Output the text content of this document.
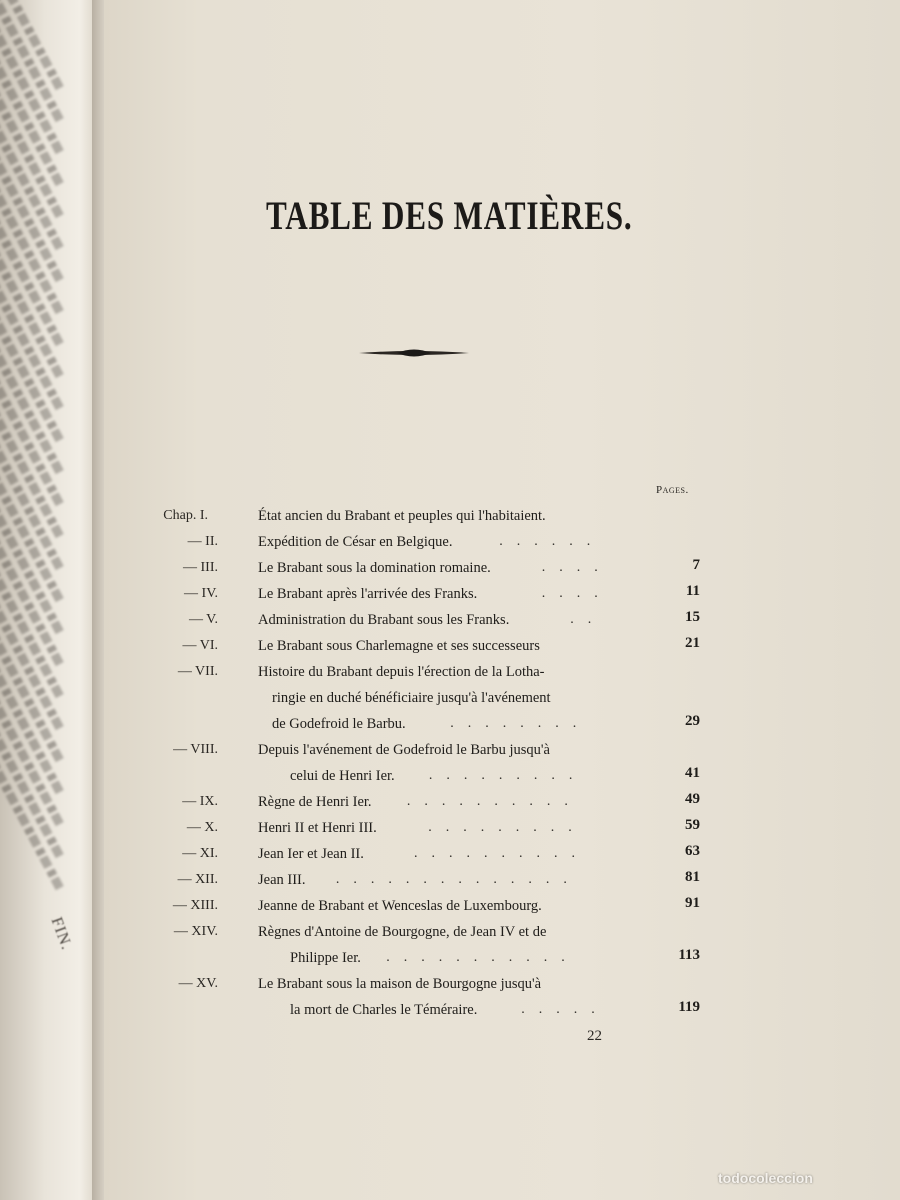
FIN.
TABLE DES MATIÈRES.
Pages.
Chap. I.	État ancien du Brabant et peuples qui l'habitaient.
— II.	Expédition de César en Belgique.	......
— III.	Le Brabant sous la domination romaine.	....	7
— IV.	Le Brabant après l'arrivée des Franks.	....	11
— V.	Administration du Brabant sous les Franks.	..	15
— VI.	Le Brabant sous Charlemagne et ses successeurs	21
— VII.	Histoire du Brabant depuis l'érection de la Lotha-
ringie en duché bénéficiaire jusqu'à l'avénement
de Godefroid le Barbu.	........	29
— VIII.	Depuis l'avénement de Godefroid le Barbu jusqu'à
celui de Henri Ier. .........	41
— IX.	Règne de Henri Ier.	..........	49
— X.	Henri II et Henri III.	.........	59
— XI.	Jean Ier et Jean II.	..........	63
— XII.	Jean III. ..............	81
— XIII.	Jeanne de Brabant et Wenceslas de Luxembourg.	91
— XIV.	Règnes d'Antoine de Bourgogne, de Jean IV et de
Philippe Ier. ...........	113
— XV.	Le Brabant sous la maison de Bourgogne jusqu'à
la mort de Charles le Téméraire.	.....	119
22
todocoleccion
